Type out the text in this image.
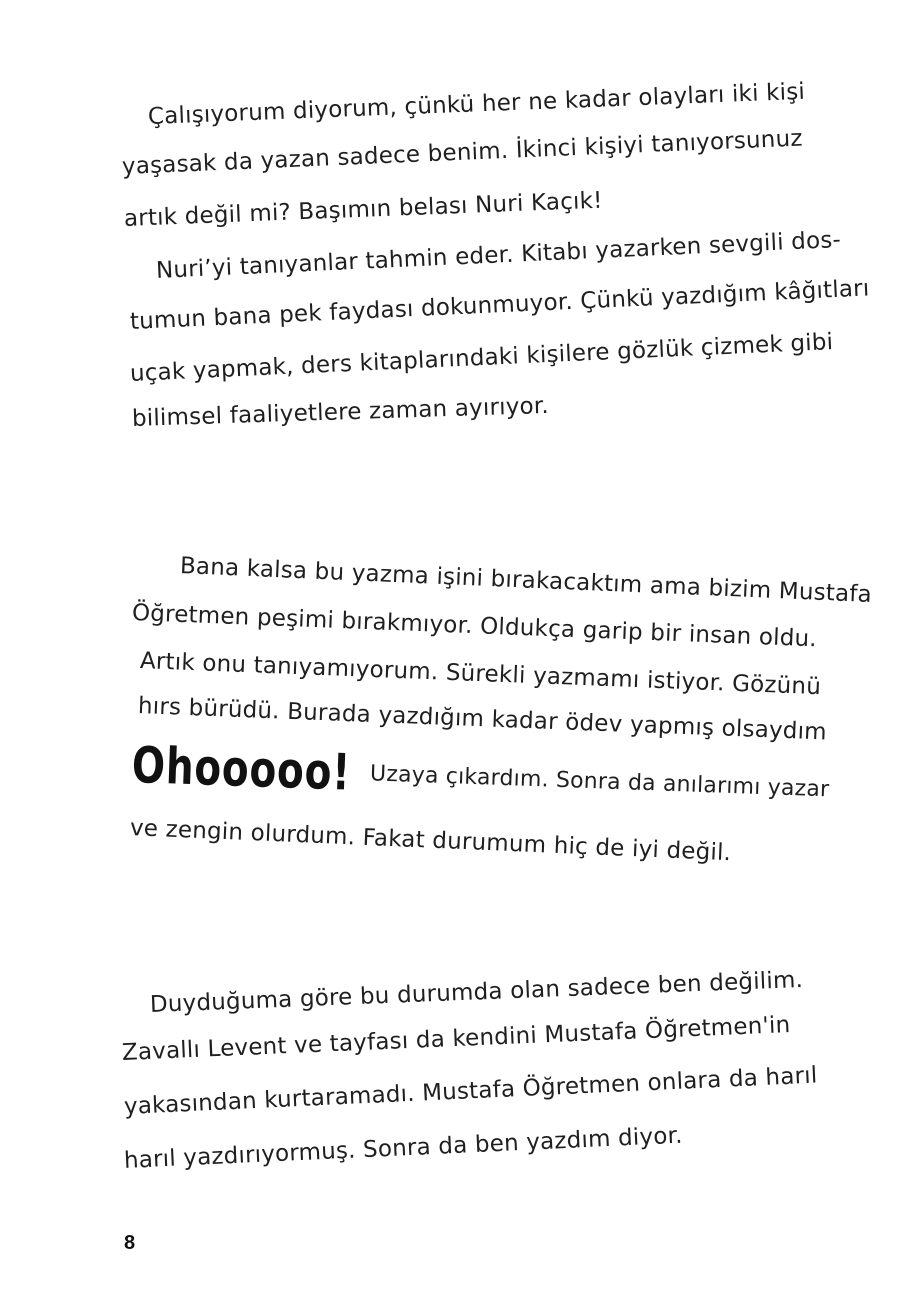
Çalışıyorum diyorum, çünkü her ne kadar olayları iki kişi
yaşasak da yazan sadece benim. İkinci kişiyi tanıyorsunuz
artık değil mi? Başımın belası Nuri Kaçık!
Nuri’yi tanıyanlar tahmin eder. Kitabı yazarken sevgili dos-
tumun bana pek faydası dokunmuyor. Çünkü yazdığım kâğıtları
uçak yapmak, ders kitaplarındaki kişilere gözlük çizmek gibi
bilimsel faaliyetlere zaman ayırıyor.
Bana kalsa bu yazma işini bırakacaktım ama bizim Mustafa
Öğretmen peşimi bırakmıyor. Oldukça garip bir insan oldu.
Artık onu tanıyamıyorum. Sürekli yazmamı istiyor. Gözünü
hırs bürüdü. Burada yazdığım kadar ödev yapmış olsaydım
Ohooooo! Uzaya çıkardım. Sonra da anılarımı yazar
ve zengin olurdum. Fakat durumum hiç de iyi değil.
Duyduğuma göre bu durumda olan sadece ben değilim.
Zavallı Levent ve tayfası da kendini Mustafa Öğretmen'in
yakasından kurtaramadı. Mustafa Öğretmen onlara da harıl
harıl yazdırıyormuş. Sonra da ben yazdım diyor.
8
